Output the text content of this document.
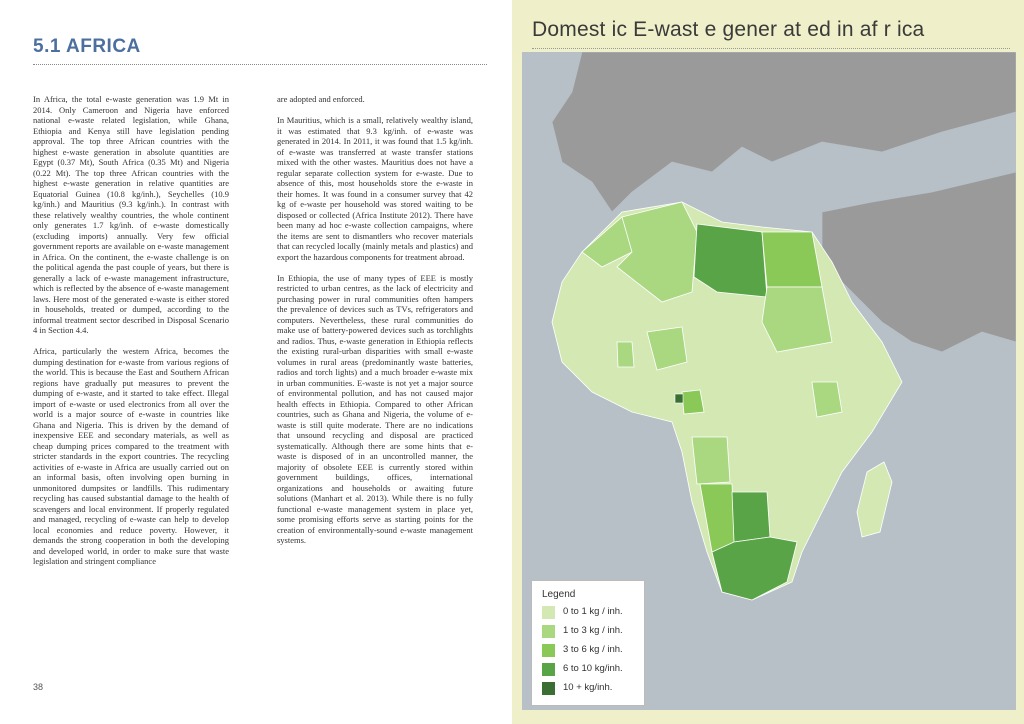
5.1 AFRICA

In Africa, the total e-waste generation was 1.9 Mt in 2014. Only Cameroon and Nigeria have enforced national e-waste related legislation, while Ghana, Ethiopia and Kenya still have legislation pending approval. The top three African countries with the highest e-waste generation in absolute quantities are Egypt (0.37 Mt), South Africa (0.35 Mt) and Nigeria (0.22 Mt). The top three African countries with the highest e-waste generation in relative quantities are Equatorial Guinea (10.8 kg/inh.), Seychelles (10.9 kg/inh.) and Mauritius (9.3 kg/inh.). In contrast with these relatively wealthy countries, the whole continent only generates 1.7 kg/inh. of e-waste domestically (excluding imports) annually. Very few official government reports are available on e-waste management in Africa. On the continent, the e-waste challenge is on the political agenda the past couple of years, but there is generally a lack of e-waste management infrastructure, which is reflected by the absence of e-waste management laws. Here most of the generated e-waste is either stored in households, treated or dumped, according to the informal treatment sector described in Disposal Scenario 4 in Section 4.4.

Africa, particularly the western Africa, becomes the dumping destination for e-waste from various regions of the world. This is because the East and Southern African regions have gradually put measures to prevent the dumping of e-waste, and it started to take effect. Illegal import of e-waste or used electronics from all over the world is a major source of e-waste in countries like Ghana and Nigeria. This is driven by the demand of inexpensive EEE and secondary materials, as well as cheap dumping prices compared to the treatment with stricter standards in the export countries. The recycling activities of e-waste in Africa are usually carried out on an informal basis, often involving open burning in unmonitored dumpsites or landfills. This rudimentary recycling has caused substantial damage to the health of scavengers and local environment. If properly regulated and managed, recycling of e-waste can help to develop local economies and reduce poverty. However, it demands the strong cooperation in both the developing and developed world, in order to make sure that waste legislation and stringent compliance

are adopted and enforced.

In Mauritius, which is a small, relatively wealthy island, it was estimated that 9.3 kg/inh. of e-waste was generated in 2014. In 2011, it was found that 1.5 kg/inh. of e-waste was transferred at waste transfer stations mixed with the other wastes. Mauritius does not have a regular separate collection system for e-waste. Due to absence of this, most households store the e-waste in their homes. It was found in a consumer survey that 42 kg of e-waste per household was stored waiting to be disposed or collected (Africa Institute 2012). There have been many ad hoc e-waste collection campaigns, where the items are sent to dismantlers who recover materials that can recycled locally (mainly metals and plastics) and export the hazardous components for treatment abroad.

In Ethiopia, the use of many types of EEE is mostly restricted to urban centres, as the lack of electricity and purchasing power in rural communities often hampers the prevalence of devices such as TVs, refrigerators and computers. Nevertheless, these rural communities do make use of battery-powered devices such as torchlights and radios. Thus, e-waste generation in Ethiopia reflects the existing rural-urban disparities with small e-waste volumes in rural areas (predominantly waste batteries, radios and torch lights) and a much broader e-waste mix in urban communities. E-waste is not yet a major source of environmental pollution, and has not caused major health effects in Ethiopia. Compared to other African countries, such as Ghana and Nigeria, the volume of e-waste is still quite moderate. There are no indications that unsound recycling and disposal are practiced systematically. Although there are some hints that e-waste is disposed of in an uncontrolled manner, the majority of obsolete EEE is currently stored within government buildings, offices, international organizations and households or awaiting future solutions (Manhart et al. 2013). While there is no fully functional e-waste management system in place yet, some promising efforts serve as starting points for the creation of environmentally-sound e-waste management systems.

38
Domest ic E-wast e gener at ed in af r ica
Legend
0 to 1 kg / inh.
1 to 3 kg / inh.
3 to 6 kg / inh.
6 to 10 kg/inh.
10 + kg/inh.
